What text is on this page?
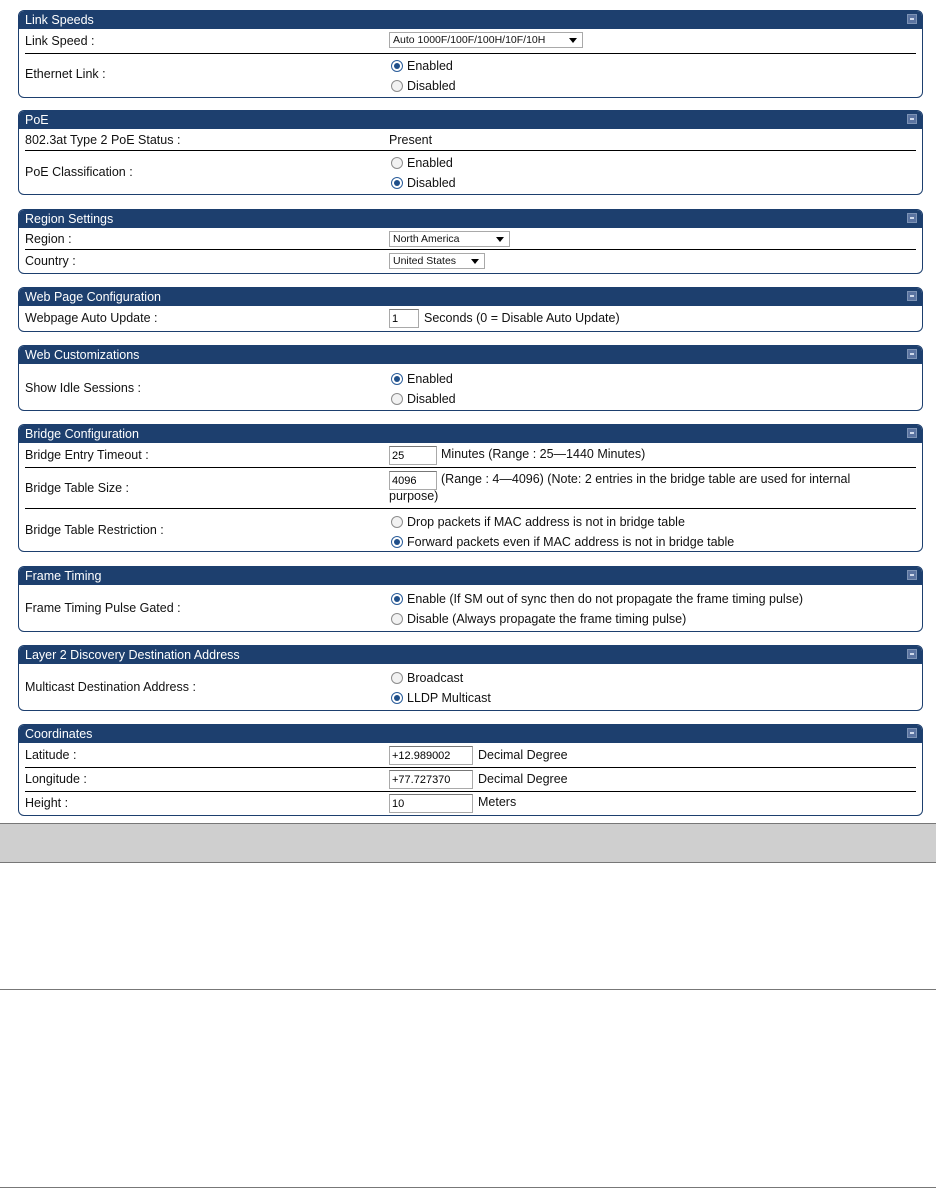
Link Speeds
Link Speed :	Auto 1000F/100F/100H/10F/10H
Ethernet Link :
Enabled
Disabled
PoE
802.3at Type 2 PoE Status :	Present
PoE Classification :
Enabled
Disabled
Region Settings
Region :	North America
Country :	United States
Web Page Configuration
Webpage Auto Update :
1	Seconds (0 = Disable Auto Update)
Web Customizations
Show Idle Sessions :
Enabled
Disabled
Bridge Configuration
Bridge Entry Timeout :
25	Minutes (Range : 25—1440 Minutes)
Bridge Table Size :
4096
(Range : 4—4096) (Note: 2 entries in the bridge table are used for internal
purpose)
Bridge Table Restriction :
Drop packets if MAC address is not in bridge table
Forward packets even if MAC address is not in bridge table
Frame Timing
Frame Timing Pulse Gated :
Enable (If SM out of sync then do not propagate the frame timing pulse)
Disable (Always propagate the frame timing pulse)
Layer 2 Discovery Destination Address
Multicast Destination Address :
Broadcast
LLDP Multicast
Coordinates
Latitude :
+12.989002	Decimal Degree
Longitude :
+77.727370	Decimal Degree
Height :
10	Meters
